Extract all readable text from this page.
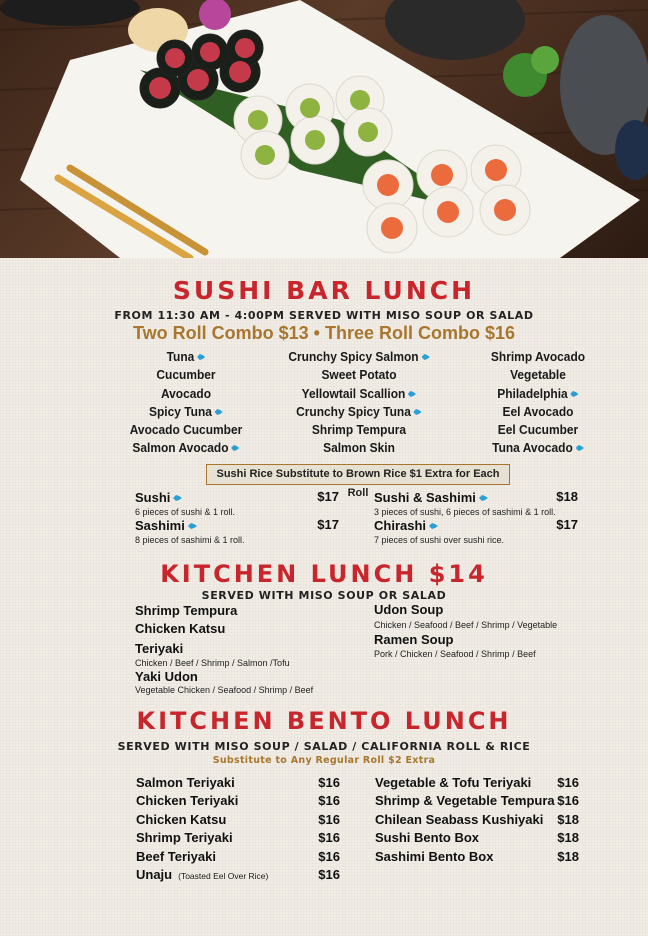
SUSHI BAR LUNCH
FROM 11:30 AM - 4:00PM SERVED WITH MISO SOUP OR SALAD
Two Roll Combo $13 • Three Roll Combo $16
Tuna
Cucumber
Avocado
Spicy Tuna
Avocado Cucumber
Salmon Avocado
Crunchy Spicy Salmon
Sweet Potato
Yellowtail Scallion
Crunchy Spicy Tuna
Shrimp Tempura
Salmon Skin
Shrimp Avocado
Vegetable
Philadelphia
Eel Avocado
Eel Cucumber
Tuna Avocado
Sushi Rice Substitute to Brown Rice $1 Extra for Each Roll
Sushi	$17
6 pieces of sushi & 1 roll.
Sashimi	$17
8 pieces of sashimi & 1 roll.
Sushi & Sashimi	$18
3 pieces of sushi, 6 pieces of sashimi & 1 roll.
Chirashi	$17
7 pieces of sushi over sushi rice.
KITCHEN LUNCH $14
SERVED WITH MISO SOUP OR SALAD
Shrimp Tempura
Chicken Katsu
Teriyaki
Chicken / Beef / Shrimp / Salmon /Tofu
Yaki Udon
Vegetable Chicken / Seafood / Shrimp / Beef
Udon Soup
Chicken / Seafood / Beef / Shrimp / Vegetable
Ramen Soup
Pork / Chicken / Seafood / Shrimp / Beef
KITCHEN BENTO LUNCH
SERVED WITH MISO SOUP / SALAD / CALIFORNIA ROLL & RICE
Substitute to Any Regular Roll $2 Extra
Salmon Teriyaki	$16
Chicken Teriyaki	$16
Chicken Katsu	$16
Shrimp Teriyaki	$16
Beef Teriyaki	$16
Unaju (Toasted Eel Over Rice)	$16
Vegetable & Tofu Teriyaki $16
Shrimp & Vegetable Tempura $16
Chilean Seabass Kushiyaki $18
Sushi Bento Box	$18
Sashimi Bento Box	$18
